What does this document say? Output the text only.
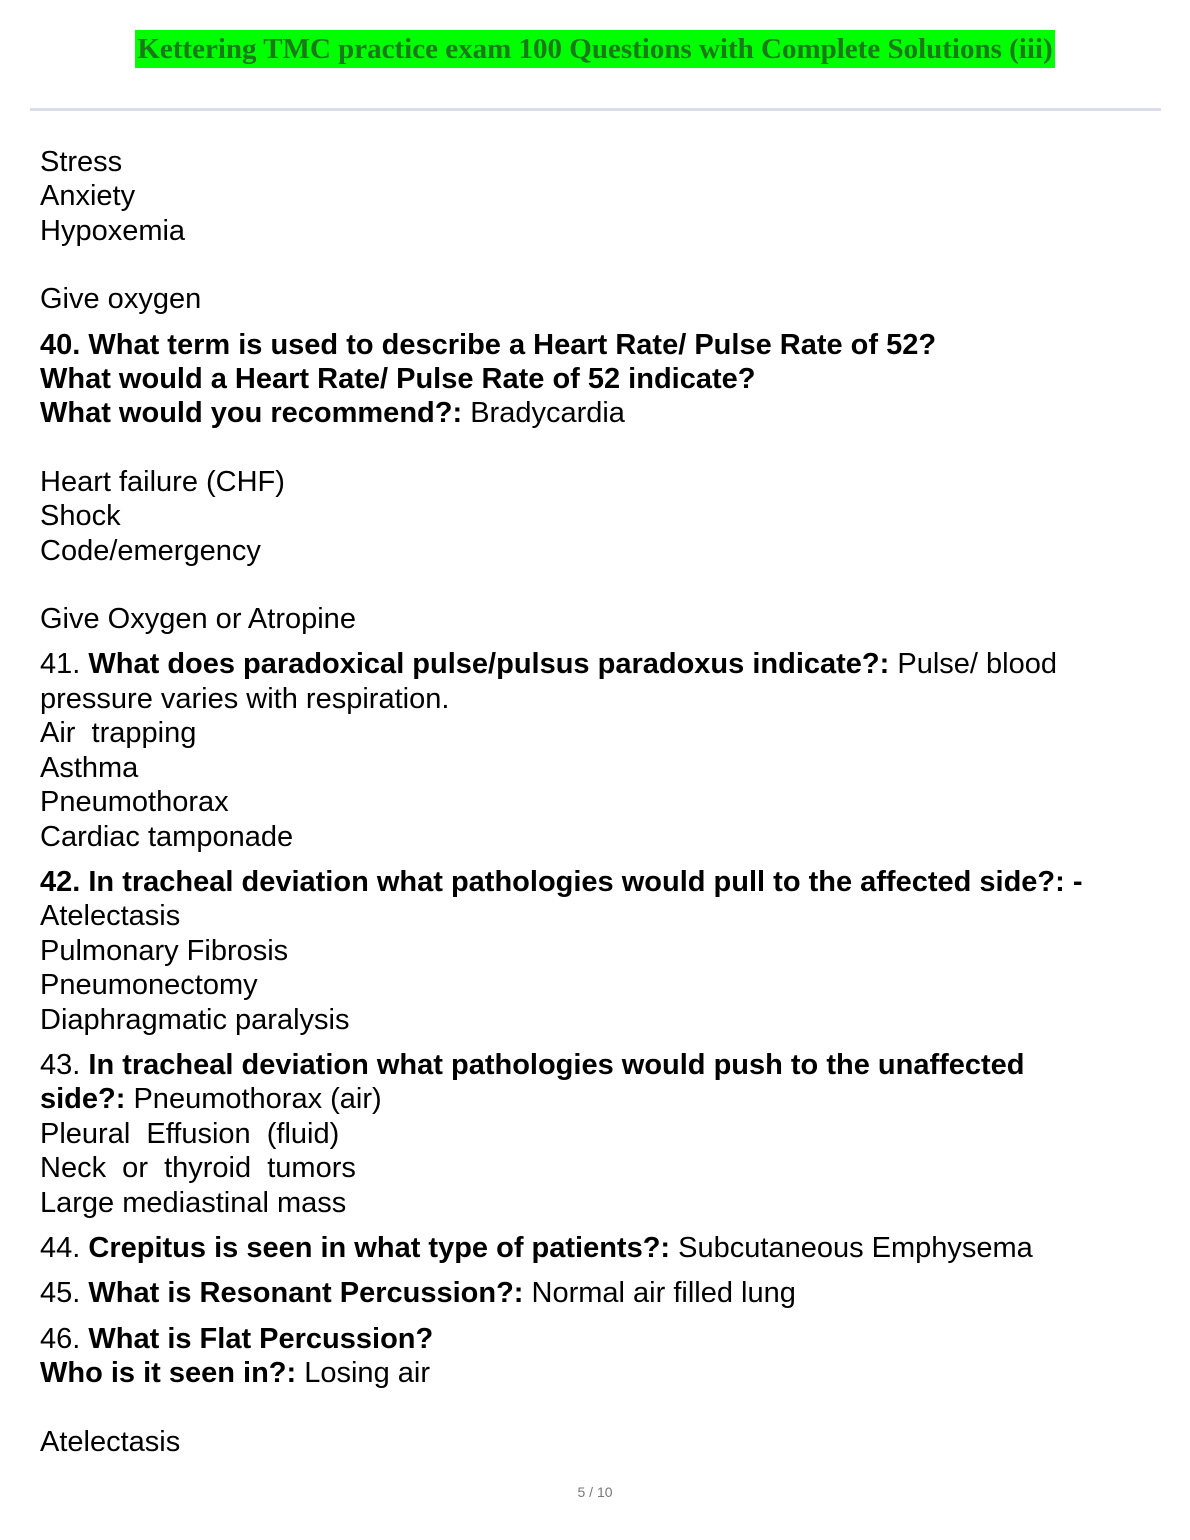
Kettering TMC practice exam 100 Questions with Complete Solutions (iii)
Stress
Anxiety
Hypoxemia
Give oxygen
40. What term is used to describe a Heart Rate/ Pulse Rate of 52?
What would a Heart Rate/ Pulse Rate of 52 indicate?
What would you recommend?: Bradycardia
Heart failure (CHF)
Shock
Code/emergency
Give Oxygen or Atropine
41. What does paradoxical pulse/pulsus paradoxus indicate?: Pulse/ blood
pressure varies with respiration.
Air  trapping
Asthma
Pneumothorax
Cardiac tamponade
42. In tracheal deviation what pathologies would pull to the affected side?: -
Atelectasis
Pulmonary Fibrosis
Pneumonectomy
Diaphragmatic paralysis
43. In tracheal deviation what pathologies would push to the unaffected
side?: Pneumothorax (air)
Pleural  Effusion  (fluid)
Neck  or  thyroid  tumors
Large mediastinal mass
44. Crepitus is seen in what type of patients?: Subcutaneous Emphysema
45. What is Resonant Percussion?: Normal air filled lung
46. What is Flat Percussion?
Who is it seen in?: Losing air
Atelectasis
5 / 10
